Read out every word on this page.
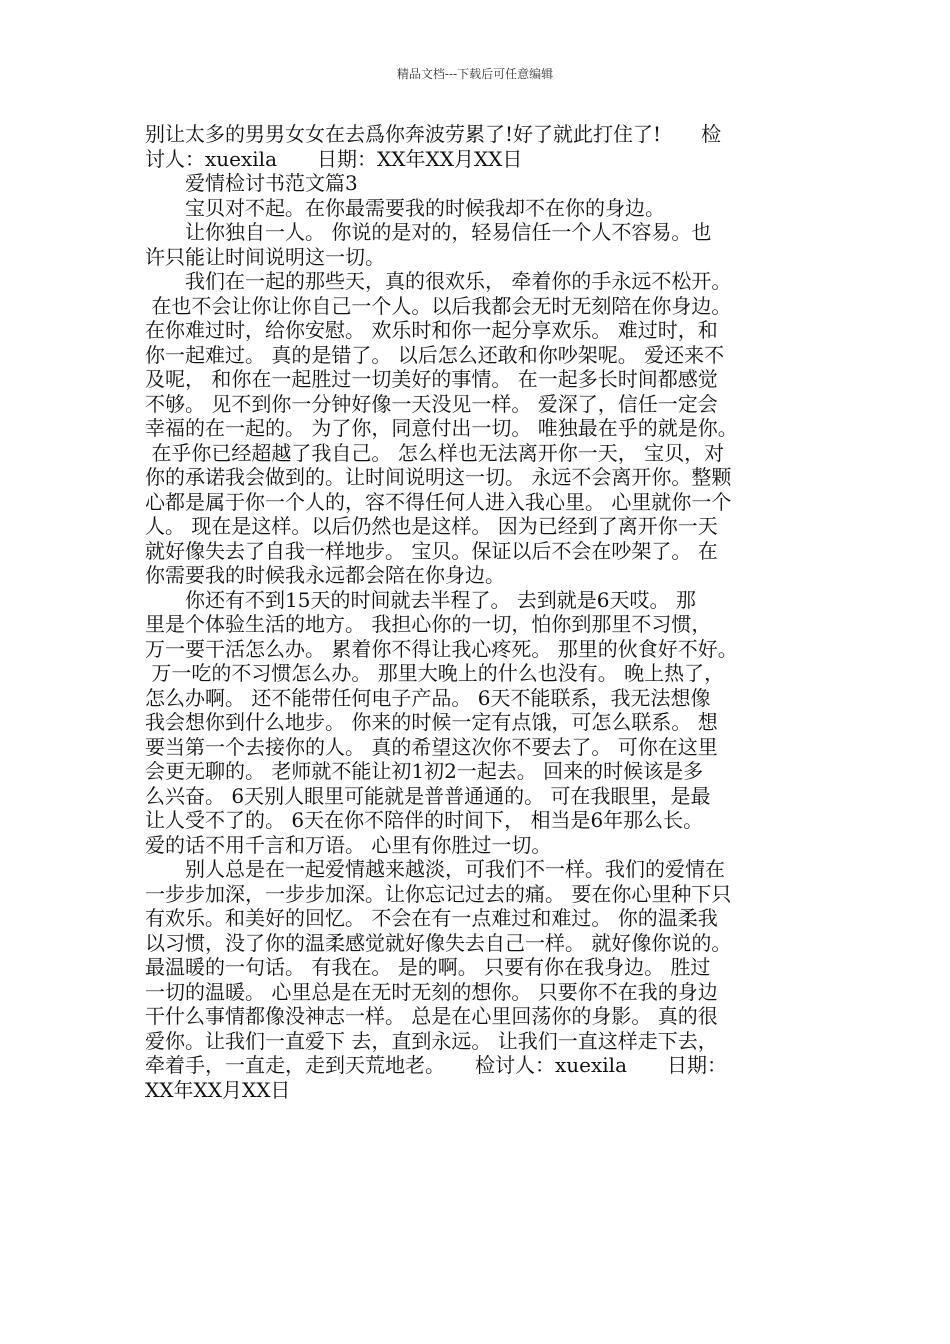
精品文档---下载后可任意编辑
别让太多的男男女女在去爲你奔波劳累了!好了就此打住了!　　检
讨人：xuexila　　日期：XX年XX月XX日
　　爱情检讨书范文篇3
　　宝贝对不起。在你最需要我的时候我却不在你的身边。
　　让你独自一人。 你说的是对的，轻易信任一个人不容易。也
许只能让时间说明这一切。
　　我们在一起的那些天，真的很欢乐， 牵着你的手永远不松开。
在也不会让你让你自己一个人。以后我都会无时无刻陪在你身边。
在你难过时，给你安慰。 欢乐时和你一起分享欢乐。 难过时，和
你一起难过。 真的是错了。 以后怎么还敢和你吵架呢。 爱还来不
及呢， 和你在一起胜过一切美好的事情。 在一起多长时间都感觉
不够。 见不到你一分钟好像一天没见一样。 爱深了，信任一定会
幸福的在一起的。 为了你，同意付出一切。 唯独最在乎的就是你。
在乎你已经超越了我自己。 怎么样也无法离开你一天， 宝贝，对
你的承诺我会做到的。让时间说明这一切。 永远不会离开你。整颗
心都是属于你一个人的，容不得任何人进入我心里。 心里就你一个
人。 现在是这样。以后仍然也是这样。 因为已经到了离开你一天
就好像失去了自我一样地步。 宝贝。保证以后不会在吵架了。 在
你需要我的时候我永远都会陪在你身边。
　　你还有不到15天的时间就去半程了。 去到就是6天哎。 那
里是个体验生活的地方。 我担心你的一切，怕你到那里不习惯，
万一要干活怎么办。 累着你不得让我心疼死。 那里的伙食好不好。
万一吃的不习惯怎么办。 那里大晚上的什么也没有。 晚上热了，
怎么办啊。 还不能带任何电子产品。 6天不能联系，我无法想像
我会想你到什么地步。 你来的时候一定有点饿，可怎么联系。 想
要当第一个去接你的人。 真的希望这次你不要去了。 可你在这里
会更无聊的。 老师就不能让初1初2一起去。 回来的时候该是多
么兴奋。 6天别人眼里可能就是普普通通的。 可在我眼里，是最
让人受不了的。 6天在你不陪伴的时间下， 相当是6年那么长。
爱的话不用千言和万语。 心里有你胜过一切。
　　别人总是在一起爱情越来越淡，可我们不一样。我们的爱情在
一步步加深，一步步加深。让你忘记过去的痛。 要在你心里种下只
有欢乐。和美好的回忆。 不会在有一点难过和难过。 你的温柔我
以习惯，没了你的温柔感觉就好像失去自己一样。 就好像你说的。
最温暖的一句话。 有我在。 是的啊。 只要有你在我身边。 胜过
一切的温暖。 心里总是在无时无刻的想你。 只要你不在我的身边
干什么事情都像没神志一样。 总是在心里回荡你的身影。 真的很
爱你。让我们一直爱下 去，直到永远。 让我们一直这样走下去，
牵着手，一直走，走到天荒地老。　　检讨人：xuexila　　日期：
XX年XX月XX日
